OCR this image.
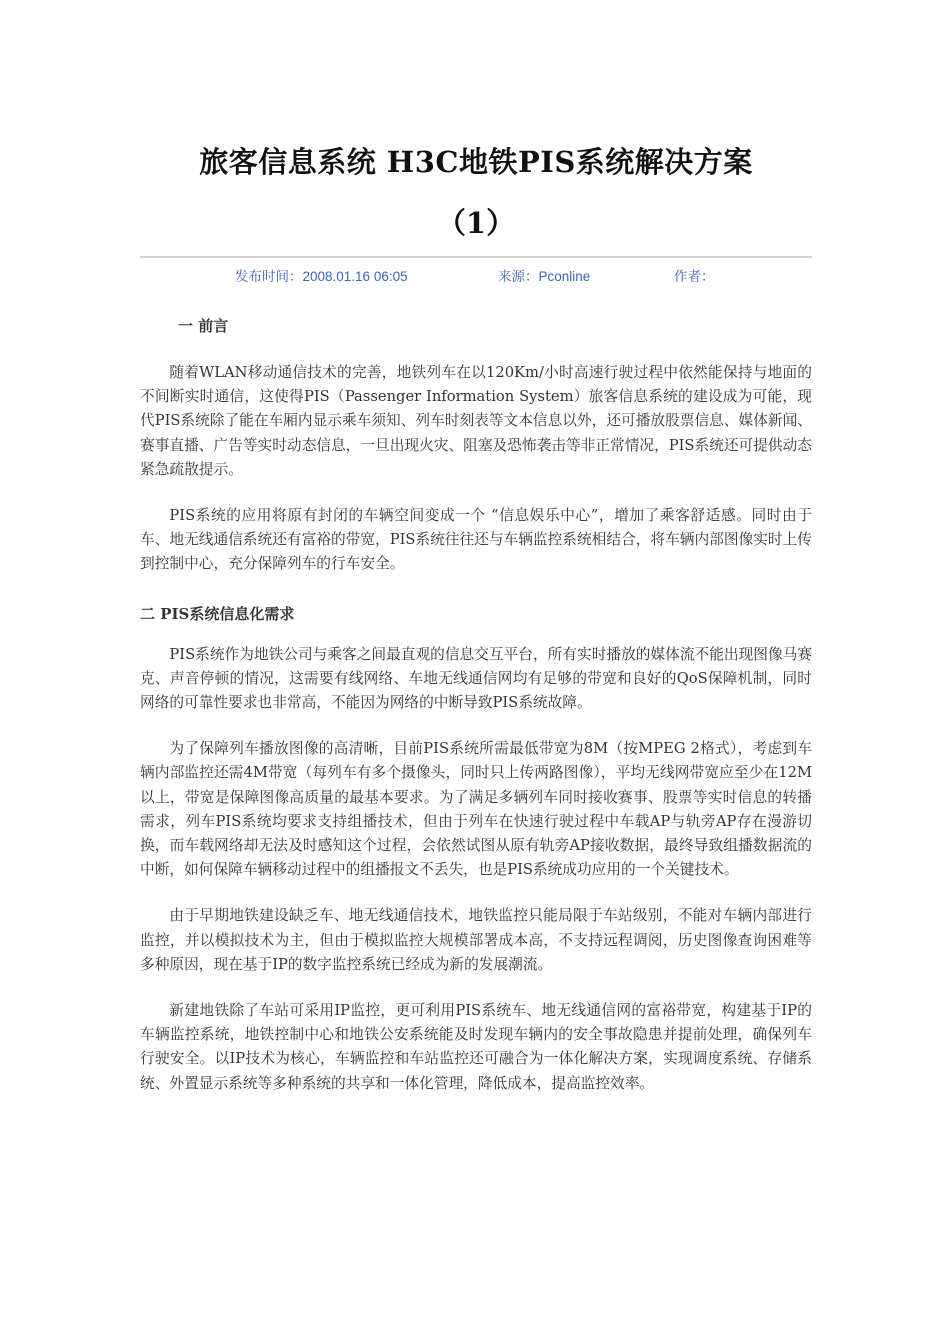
旅客信息系统 H3C地铁PIS系统解决方案
（1）
发布时间：2008.01.16 06:05	来源：Pconline	作者：
一 前言

随着WLAN移动通信技术的完善，地铁列车在以120Km/小时高速行驶过程中依然能保持与地面的不间断实时通信，这使得PIS（Passenger Information System）旅客信息系统的建设成为可能，现代PIS系统除了能在车厢内显示乘车须知、列车时刻表等文本信息以外，还可播放股票信息、媒体新闻、赛事直播、广告等实时动态信息，一旦出现火灾、阻塞及恐怖袭击等非正常情况，PIS系统还可提供动态紧急疏散提示。

PIS系统的应用将原有封闭的车辆空间变成一个 “信息娱乐中心”，增加了乘客舒适感。同时由于车、地无线通信系统还有富裕的带宽，PIS系统往往还与车辆监控系统相结合，将车辆内部图像实时上传到控制中心，充分保障列车的行车安全。

二 PIS系统信息化需求

PIS系统作为地铁公司与乘客之间最直观的信息交互平台，所有实时播放的媒体流不能出现图像马赛克、声音停顿的情况，这需要有线网络、车地无线通信网均有足够的带宽和良好的QoS保障机制，同时网络的可靠性要求也非常高，不能因为网络的中断导致PIS系统故障。

为了保障列车播放图像的高清晰，目前PIS系统所需最低带宽为8M（按MPEG 2格式），考虑到车辆内部监控还需4M带宽（每列车有多个摄像头，同时只上传两路图像），平均无线网带宽应至少在12M以上，带宽是保障图像高质量的最基本要求。为了满足多辆列车同时接收赛事、股票等实时信息的转播需求，列车PIS系统均要求支持组播技术，但由于列车在快速行驶过程中车载AP与轨旁AP存在漫游切换，而车载网络却无法及时感知这个过程，会依然试图从原有轨旁AP接收数据，最终导致组播数据流的中断，如何保障车辆移动过程中的组播报文不丢失，也是PIS系统成功应用的一个关键技术。

由于早期地铁建设缺乏车、地无线通信技术，地铁监控只能局限于车站级别，不能对车辆内部进行监控，并以模拟技术为主，但由于模拟监控大规模部署成本高，不支持远程调阅，历史图像查询困难等多种原因，现在基于IP的数字监控系统已经成为新的发展潮流。

新建地铁除了车站可采用IP监控，更可利用PIS系统车、地无线通信网的富裕带宽，构建基于IP的车辆监控系统，地铁控制中心和地铁公安系统能及时发现车辆内的安全事故隐患并提前处理，确保列车行驶安全。以IP技术为核心，车辆监控和车站监控还可融合为一体化解决方案，实现调度系统、存储系统、外置显示系统等多种系统的共享和一体化管理，降低成本，提高监控效率。
